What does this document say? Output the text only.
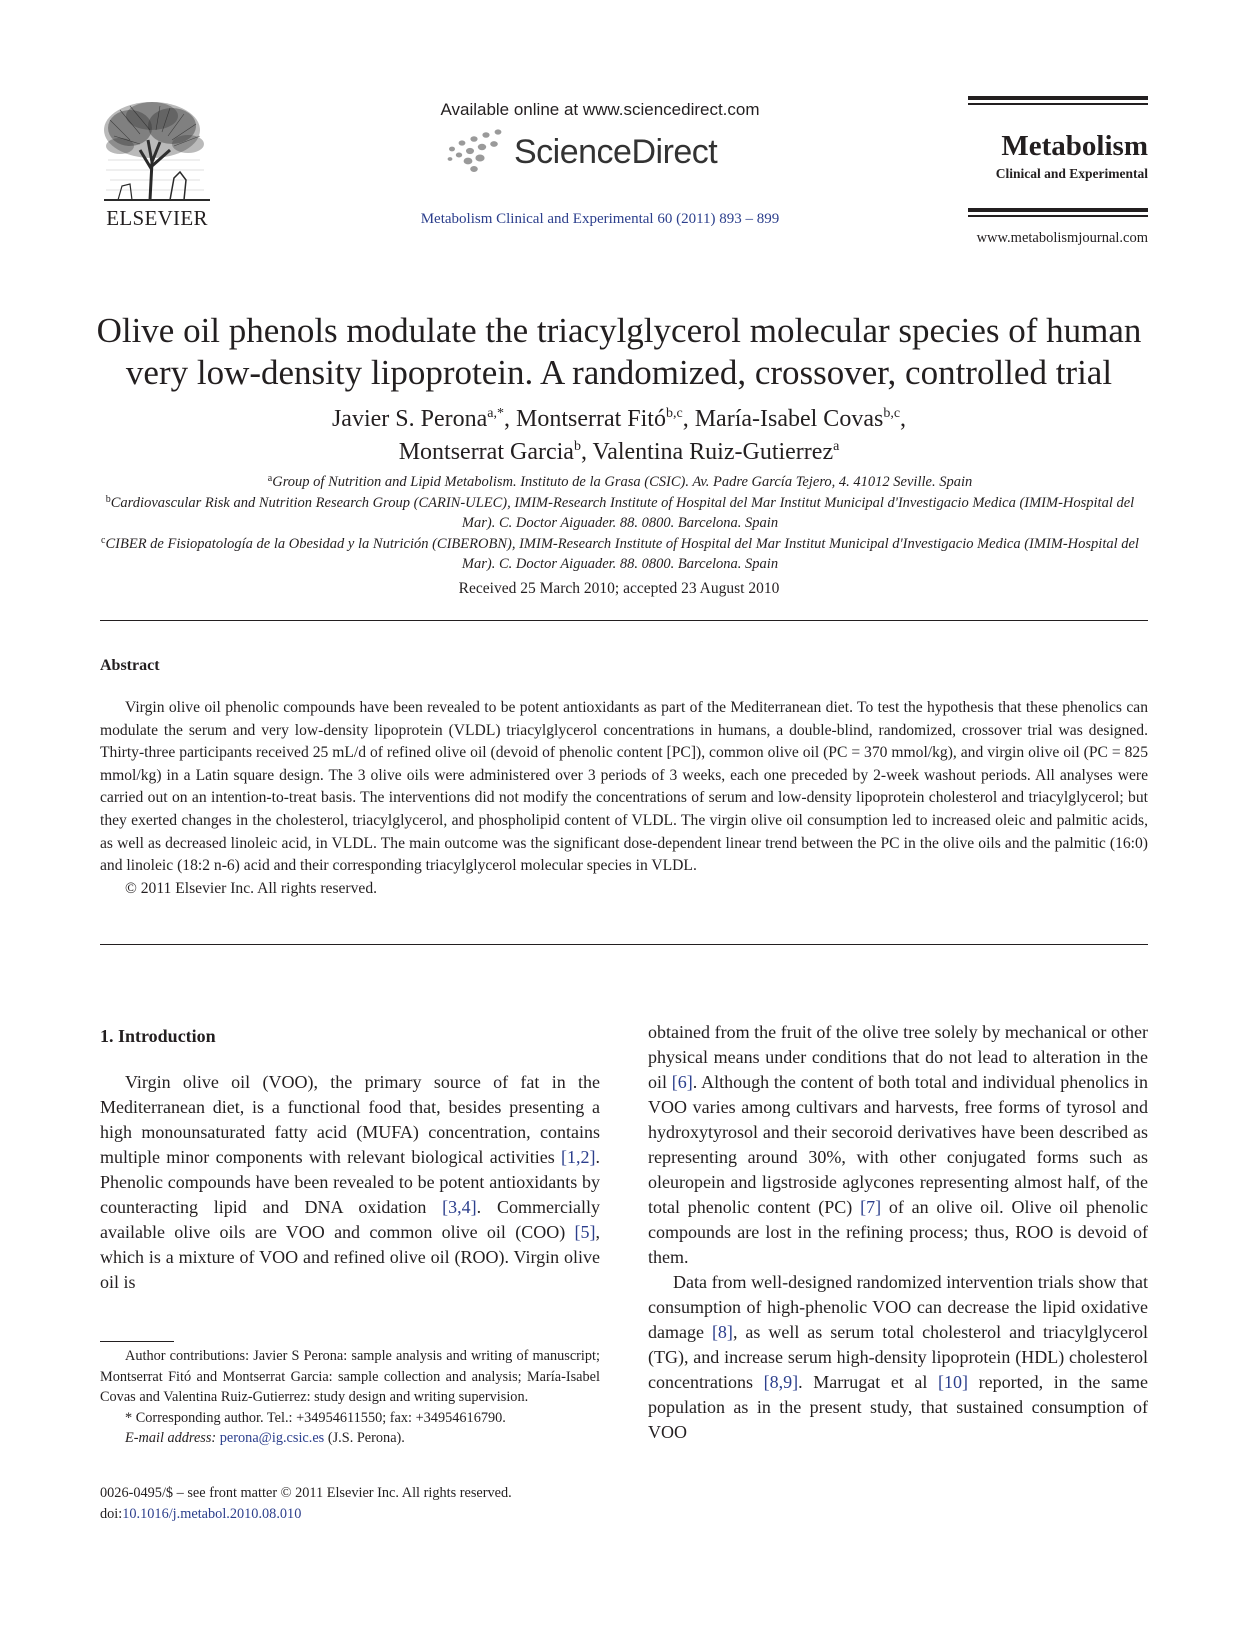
ELSEVIER
Available online at www.sciencedirect.com
ScienceDirect
Metabolism Clinical and Experimental 60 (2011) 893 – 899
Metabolism
Clinical and Experimental
www.metabolismjournal.com
Olive oil phenols modulate the triacylglycerol molecular species of human
very low-density lipoprotein. A randomized, crossover, controlled trial
Javier S. Perona$^{a,*}$, Montserrat Fitó$^{b,c}$, María-Isabel Covas$^{b,c}$,
Montserrat Garcia$^b$, Valentina Ruiz-Gutierrez$^a$
$^a$Group of Nutrition and Lipid Metabolism. Instituto de la Grasa (CSIC). Av. Padre García Tejero, 4. 41012 Seville. Spain
$^b$Cardiovascular Risk and Nutrition Research Group (CARIN-ULEC), IMIM-Research Institute of Hospital del Mar Institut Municipal d'Investigacio Medica (IMIM-Hospital del Mar). C. Doctor Aiguader. 88. 0800. Barcelona. Spain
$^c$CIBER de Fisiopatología de la Obesidad y la Nutrición (CIBEROBN), IMIM-Research Institute of Hospital del Mar Institut Municipal d'Investigacio Medica (IMIM-Hospital del Mar). C. Doctor Aiguader. 88. 0800. Barcelona. Spain
Received 25 March 2010; accepted 23 August 2010
Abstract

Virgin olive oil phenolic compounds have been revealed to be potent antioxidants as part of the Mediterranean diet. To test the hypothesis that these phenolics can modulate the serum and very low-density lipoprotein (VLDL) triacylglycerol concentrations in humans, a double-blind, randomized, crossover trial was designed. Thirty-three participants received 25 mL/d of refined olive oil (devoid of phenolic content [PC]), common olive oil (PC = 370 mmol/kg), and virgin olive oil (PC = 825 mmol/kg) in a Latin square design. The 3 olive oils were administered over 3 periods of 3 weeks, each one preceded by 2-week washout periods. All analyses were carried out on an intention-to-treat basis. The interventions did not modify the concentrations of serum and low-density lipoprotein cholesterol and triacylglycerol; but they exerted changes in the cholesterol, triacylglycerol, and phospholipid content of VLDL. The virgin olive oil consumption led to increased oleic and palmitic acids, as well as decreased linoleic acid, in VLDL. The main outcome was the significant dose-dependent linear trend between the PC in the olive oils and the palmitic (16:0) and linoleic (18:2 n-6) acid and their corresponding triacylglycerol molecular species in VLDL.

© 2011 Elsevier Inc. All rights reserved.

1. Introduction

Virgin olive oil (VOO), the primary source of fat in the Mediterranean diet, is a functional food that, besides presenting a high monounsaturated fatty acid (MUFA) concentration, contains multiple minor components with relevant biological activities [1,2]. Phenolic compounds have been revealed to be potent antioxidants by counteracting lipid and DNA oxidation [3,4]. Commercially available olive oils are VOO and common olive oil (COO) [5], which is a mixture of VOO and refined olive oil (ROO). Virgin olive oil is

obtained from the fruit of the olive tree solely by mechanical or other physical means under conditions that do not lead to alteration in the oil [6]. Although the content of both total and individual phenolics in VOO varies among cultivars and harvests, free forms of tyrosol and hydroxytyrosol and their secoroid derivatives have been described as representing around 30%, with other conjugated forms such as oleuropein and ligstroside aglycones representing almost half, of the total phenolic content (PC) [7] of an olive oil. Olive oil phenolic compounds are lost in the refining process; thus, ROO is devoid of them.

Data from well-designed randomized intervention trials show that consumption of high-phenolic VOO can decrease the lipid oxidative damage [8], as well as serum total cholesterol and triacylglycerol (TG), and increase serum high-density lipoprotein (HDL) cholesterol concentrations [8,9]. Marrugat et al [10] reported, in the same population as in the present study, that sustained consumption of VOO

Author contributions: Javier S Perona: sample analysis and writing of manuscript; Montserrat Fitó and Montserrat Garcia: sample collection and analysis; María-Isabel Covas and Valentina Ruiz-Gutierrez: study design and writing supervision.

* Corresponding author. Tel.: +34954611550; fax: +34954616790.

E-mail address: perona@ig.csic.es (J.S. Perona).

0026-0495/$ – see front matter © 2011 Elsevier Inc. All rights reserved.
doi:10.1016/j.metabol.2010.08.010
